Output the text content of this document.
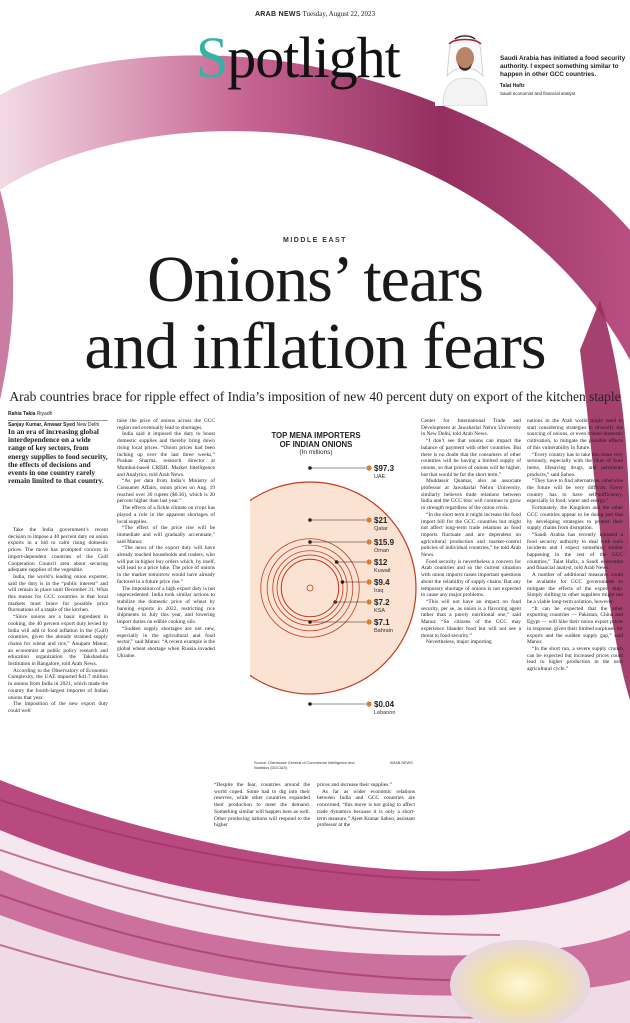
ARAB NEWS Tuesday, August 22, 2023
Spotlight	Saudi Arabia has initiated a food security authority. I expect something similar to happen in other GCC countries.
Talat Hafiz
Saudi economist and financial analyst
MIDDLE EAST
Onions’ tears
and inflation fears
Arab countries brace for ripple effect of India’s imposition of new 40 percent duty on export of the kitchen staple
Rahia Takia Riyadh
Sanjay Kumar, Anwaar Syed New Delhi
In an era of increasing global interdependence on a wide range of key sectors, from energy supplies to food security, the effects of decisions and events in one country rarely remain limited to that country.

Take the India government’s recent decision to impose a 40 percent duty on onion exports in a bid to calm rising domestic prices. The move has prompted concern in import-dependent countries of the Gulf Cooperation Council area about securing adequate supplies of the vegetable.

India, the world’s leading onion exporter, said the duty is in the “public interest” and will remain in place until December 31. What this means for GCC countries is that local markets must brace for possible price fluctuations of a staple of the kitchen.

“Since onions are a basic ingredient in cooking, the 40 percent export duty levied by India will add to food inflation in the (Gulf) countries, given the already strained supply chains for wheat and rice,” Anupam Manur, an economist at public policy research and education organization the Takshashila Institution in Bangalore, told Arab News.

According to the Observatory of Economic Complexity, the UAE imported $41.7 million in onions from India in 2021, which made the country the fourth-largest importer of Indian onions that year.

The imposition of the new export duty could well

raise the price of onions across the GCC region and eventually lead to shortages.

India said it imposed the duty to boost domestic supplies and thereby bring down rising local prices. “Onion prices had been inching up over the last three weeks,” Pushan Sharma, research director at Mumbai-based CRISIL Market Intelligence and Analytics, told Arab News.

“As per data from India’s Ministry of Consumer Affairs, onion prices on Aug. 19 reached over 30 rupees ($0.36), which is 20 percent higher than last year.”

The effects of a fickle climate on crops has played a role in the apparent shortages of local supplies.

“The effect of the price rise will be immediate and will gradually accentuate,” said Manur.

“The news of the export duty will have already reached households and traders, who will put in higher buy orders which, by itself, will lead to a price hike. The price of onions in the market tomorrow would have already factored in a future price rise.”

The imposition of a high export duty is not unprecedented. India took similar actions to stabilize the domestic price of wheat by banning exports in 2022, restricting rice shipments in July this year, and lowering import duties on edible cooking oils.

“Sudden supply shortages are not new, especially in the agricultural and food sector,” said Manur. “A recent example is the global wheat shortage when Russia invaded Ukraine.

“Despite the fear, countries around the world coped. Some had to dig into their reserves, while other countries expanded their production to meet the demand. Something similar will happen here as well. Other producing nations will respond to the higher

prices and increase their supplies.”

As far as wider economic relations between India and GCC countries are concerned, “this move is not going to affect trade dynamics because it is only a short-term measure,” Ajeet Kumar Sahoo, assistant professor at the

Center for International Trade and Development at Jawaharlal Nehru University in New Delhi, told Arab News.

“I don’t see that onions can impact the balance of payment with other countries. But there is no doubt that the consumers of other countries will be having a limited supply of onions, so that prices of onions will be higher, but that would be for the short term.”

Muddassir Quamar, also an associate professor at Jawaharlal Nehru University, similarly believes trade relations between India and the GCC bloc will continue to grow in strength regardless of the onion crisis.

“In the short term it might increase the food import bill for the GCC countries but might not affect long-term trade relations as food imports fluctuate and are dependent on agricultural production and market-control policies of individual countries,” he told Arab News.

Food security is nevertheless a concern for Arab countries and so the current situation with onion imports raises important questions about the reliability of supply chains. But any temporary shortage of onions is not expected to cause any major problems.

“This will not have an impact on food security, per se, as onion is a flavoring agent rather than a purely nutritional one,” said Manur. “So citizens of the GCC may experience blander food but will not see a threat to food security.”

Nevertheless, major importing

nations in the Arab world might need to start considering strategies to diversify the sourcing of onions, or even bolster domestic cultivation, to mitigate the possible effects of this vulnerability in future.

“Every country has to take this issue very seriously, especially with the likes of food items, lifesaving drugs, and petroleum products,” said Sahoo.

“They have to find alternatives, otherwise the future will be very difficult. Every country has to have self-sufficiency, especially in food, water and energy.”

Fortunately, the Kingdom and the other GCC countries appear to be doing just that by developing strategies to protect their supply chains from disruption.

“Saudi Arabia has recently initiated a food security authority to deal with such incidents and I expect something similar happening in the rest of the GCC countries,” Talat Hafiz, a Saudi economist and financial analyst, told Arab News.

A number of additional measures could be available for GCC governments to mitigate the effects of the export duty. Simply shifting to other suppliers might not be a viable long-term solution, however.

“It can be expected that the other exporting countries — Pakistan, China and Egypt — will hike their onion export prices in response, given their limited surpluses for exports and the sudden supply gap,” said Manur.

“In the short run, a severe supply crunch can be expected but increased prices could lead to higher production in the next agricultural cycle.”

TOP MENA IMPORTERS
OF INDIAN ONIONS
(In millions)
$97.3
UAE
$21
Qatar
$15.9
Oman
$12
Kuwait
$9.4
Iraq
$7.2
KSA
$7.1
Bahrain
$0.04
Lebanon
Source: Directorate General of Commercial Intelligence and Statistics (DGCI&S)
ARAB NEWS
